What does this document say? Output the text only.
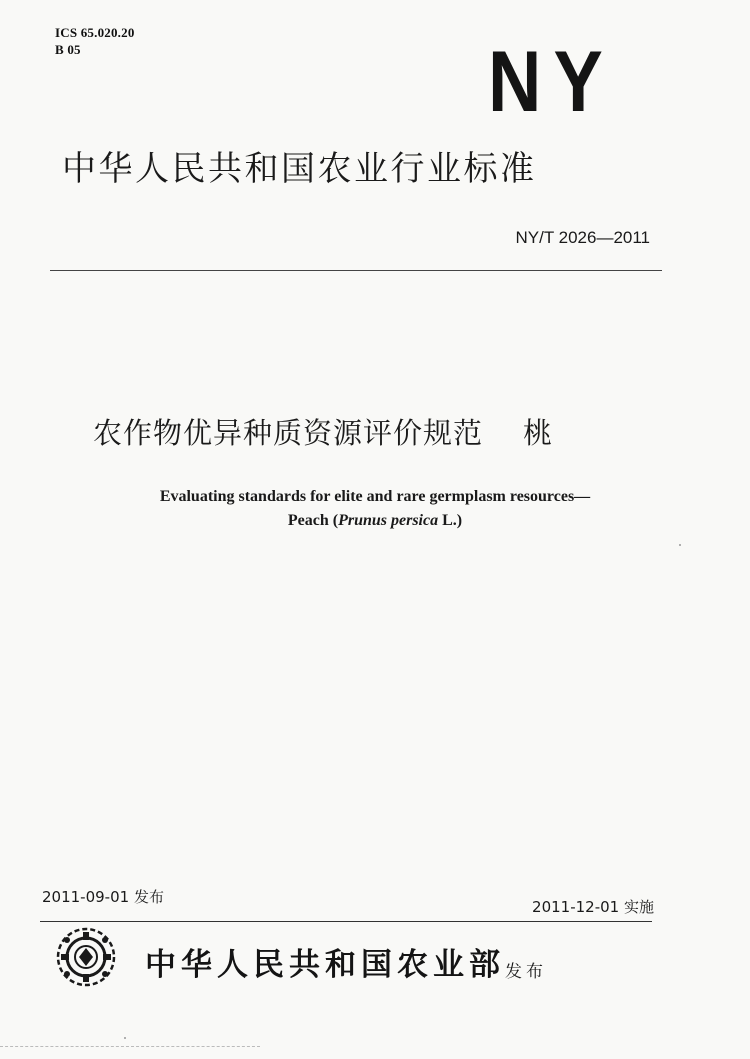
ICS 65.020.20
B 05	NY
中华人民共和国农业行业标准
NY/T 2026—2011
农作物优异种质资源评价规范 桃
Evaluating standards for elite and rare germplasm resources—
Peach (Prunus persica L.)
2011-09-01 发布
2011-12-01 实施
中华人民共和国农业部 发布
